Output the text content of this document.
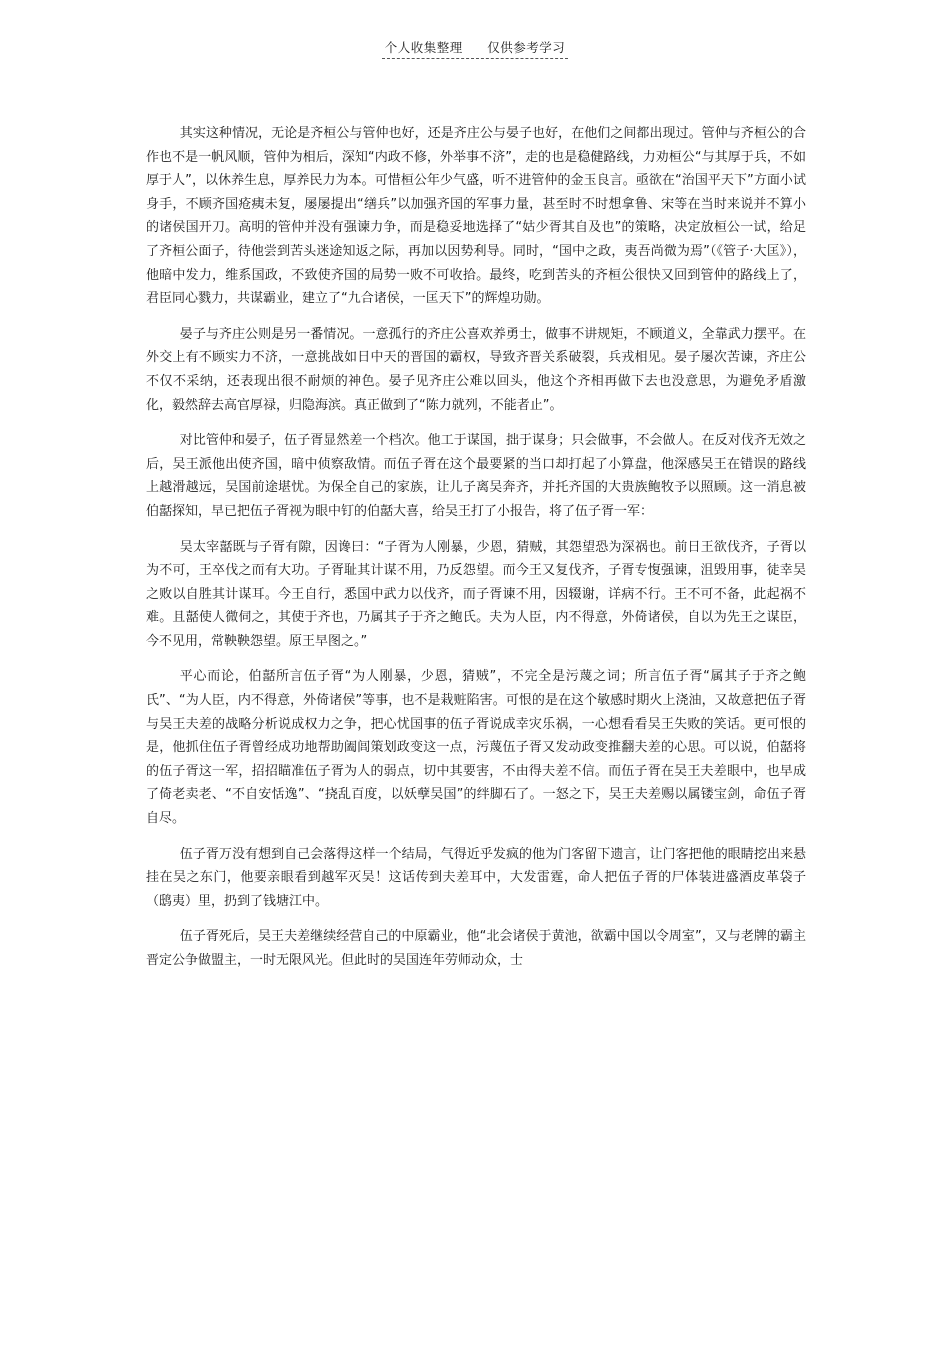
个人收集整理 仅供参考学习

其实这种情况，无论是齐桓公与管仲也好，还是齐庄公与晏子也好，在他们之间都出现过。管仲与齐桓公的合作也不是一帆风顺，管仲为相后，深知“内政不修，外举事不济”，走的也是稳健路线，力劝桓公“与其厚于兵，不如厚于人”，以休养生息，厚养民力为本。可惜桓公年少气盛，听不进管仲的金玉良言。亟欲在“治国平天下”方面小试身手，不顾齐国疮痍未复，屡屡提出“缮兵”以加强齐国的军事力量，甚至时不时想拿鲁、宋等在当时来说并不算小的诸侯国开刀。高明的管仲并没有强谏力争，而是稳妥地选择了“姑少胥其自及也”的策略，决定放桓公一试，给足了齐桓公面子，待他尝到苦头迷途知返之际，再加以因势利导。同时，“国中之政，夷吾尚微为焉”（《管子·大匡》），他暗中发力，维系国政，不致使齐国的局势一败不可收拾。最终，吃到苦头的齐桓公很快又回到管仲的路线上了，君臣同心戮力，共谋霸业，建立了“九合诸侯，一匡天下”的辉煌功勋。

晏子与齐庄公则是另一番情况。一意孤行的齐庄公喜欢养勇士，做事不讲规矩，不顾道义，全靠武力摆平。在外交上有不顾实力不济，一意挑战如日中天的晋国的霸权，导致齐晋关系破裂，兵戎相见。晏子屡次苦谏，齐庄公不仅不采纳，还表现出很不耐烦的神色。晏子见齐庄公难以回头，他这个齐相再做下去也没意思，为避免矛盾激化，毅然辞去高官厚禄，归隐海滨。真正做到了“陈力就列，不能者止”。

对比管仲和晏子，伍子胥显然差一个档次。他工于谋国，拙于谋身；只会做事，不会做人。在反对伐齐无效之后，吴王派他出使齐国，暗中侦察敌情。而伍子胥在这个最要紧的当口却打起了小算盘，他深感吴王在错误的路线上越滑越远，吴国前途堪忧。为保全自己的家族，让儿子离吴奔齐，并托齐国的大贵族鲍牧予以照顾。这一消息被伯嚭探知，早已把伍子胥视为眼中钉的伯嚭大喜，给吴王打了小报告，将了伍子胥一军：

吴太宰嚭既与子胥有隙，因谗曰：“子胥为人刚暴，少恩，猜贼，其怨望恐为深祸也。前日王欲伐齐，子胥以为不可，王卒伐之而有大功。子胥耻其计谋不用，乃反怨望。而今王又复伐齐，子胥专愎强谏，沮毁用事，徒幸吴之败以自胜其计谋耳。今王自行，悉国中武力以伐齐，而子胥谏不用，因辍谢，详病不行。王不可不备，此起祸不难。且嚭使人微伺之，其使于齐也，乃属其子于齐之鲍氏。夫为人臣，内不得意，外倚诸侯，自以为先王之谋臣，今不见用，常鞅鞅怨望。原王早图之。”

平心而论，伯嚭所言伍子胥“为人刚暴，少恩，猜贼”，不完全是污蔑之词；所言伍子胥“属其子于齐之鲍氏”、“为人臣，内不得意，外倚诸侯”等事，也不是栽赃陷害。可恨的是在这个敏感时期火上浇油，又故意把伍子胥与吴王夫差的战略分析说成权力之争，把心忧国事的伍子胥说成幸灾乐祸，一心想看看吴王失败的笑话。更可恨的是，他抓住伍子胥曾经成功地帮助阖闾策划政变这一点，污蔑伍子胥又发动政变推翻夫差的心思。可以说，伯嚭将的伍子胥这一军，招招瞄准伍子胥为人的弱点，切中其要害，不由得夫差不信。而伍子胥在吴王夫差眼中，也早成了倚老卖老、“不自安恬逸”、“挠乱百度，以妖孽吴国”的绊脚石了。一怒之下，吴王夫差赐以属镂宝剑，命伍子胥自尽。

伍子胥万没有想到自己会落得这样一个结局，气得近乎发疯的他为门客留下遗言，让门客把他的眼睛挖出来悬挂在吴之东门，他要亲眼看到越军灭吴！这话传到夫差耳中，大发雷霆，命人把伍子胥的尸体装进盛酒皮革袋子（鸱夷）里，扔到了钱塘江中。

伍子胥死后，吴王夫差继续经营自己的中原霸业，他“北会诸侯于黄池，欲霸中国以令周室”，又与老牌的霸主晋定公争做盟主，一时无限风光。但此时的吴国连年劳师动众，士
